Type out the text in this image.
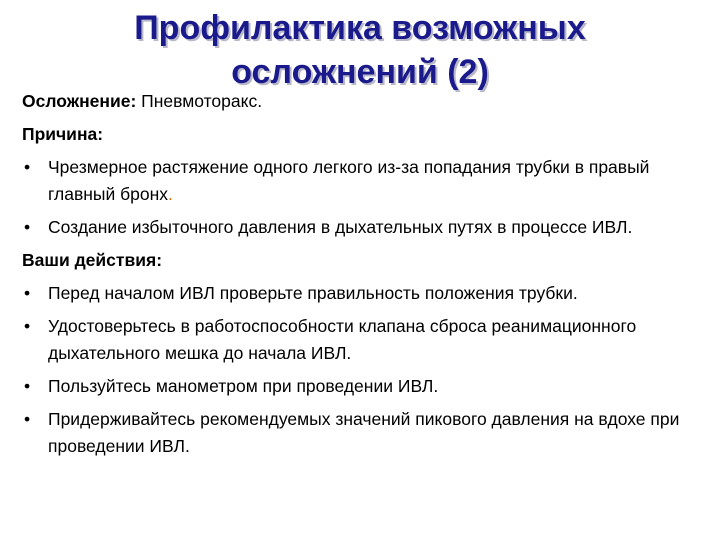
Профилактика возможных
осложнений (2)

Осложнение: Пневмоторакс.

Причина:

• Чрезмерное растяжение одного легкого из-за попадания трубки в правый главный бронх.
• Создание избыточного давления в дыхательных путях в процессе ИВЛ.

Ваши действия:

• Перед началом ИВЛ проверьте правильность положения трубки.
• Удостоверьтесь в работоспособности клапана сброса реанимационного дыхательного мешка до начала ИВЛ.
• Пользуйтесь манометром при проведении ИВЛ.
• Придерживайтесь рекомендуемых значений пикового давления на вдохе при проведении ИВЛ.
